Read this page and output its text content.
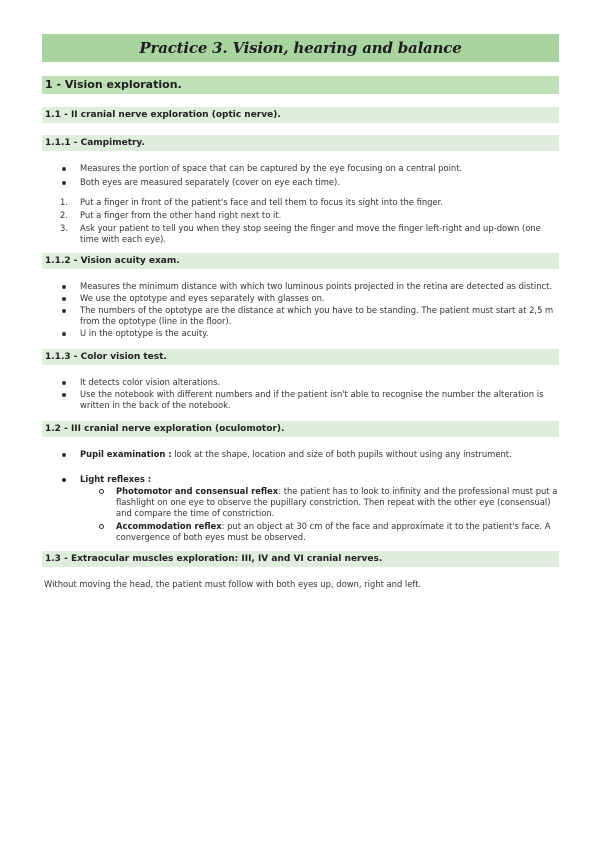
Practice 3. Vision, hearing and balance
1 - Vision exploration.
1.1 - II cranial nerve exploration (optic nerve).
1.1.1 - Campimetry.
Measures the portion of space that can be captured by the eye focusing on a central point.
Both eyes are measured separately (cover on eye each time).
1. Put a finger in front of the patient's face and tell them to focus its sight into the finger.
2. Put a finger from the other hand right next to it.
3. Ask your patient to tell you when they stop seeing the finger and move the finger left-right and up-down (one time with each eye).
1.1.2 - Vision acuity exam.
Measures the minimum distance with which two luminous points projected in the retina are detected as distinct.
We use the optotype and eyes separately with glasses on.
The numbers of the optotype are the distance at which you have to be standing. The patient must start at 2,5 m from the optotype (line in the floor).
U in the optotype is the acuity.
1.1.3 - Color vision test.
It detects color vision alterations.
Use the notebook with different numbers and if the patient isn't able to recognise the number the alteration is written in the back of the notebook.
1.2 - III cranial nerve exploration (oculomotor).
Pupil examination : look at the shape, location and size of both pupils without using any instrument.
Light reflexes :
Photomotor and consensual reflex: the patient has to look to infinity and the professional must put a flashlight on one eye to observe the pupillary constriction. Then repeat with the other eye (consensual) and compare the time of constriction.
Accommodation reflex: put an object at 30 cm of the face and approximate it to the patient's face. A convergence of both eyes must be observed.
1.3 - Extraocular muscles exploration: III, IV and VI cranial nerves.

Without moving the head, the patient must follow with both eyes up, down, right and left.
